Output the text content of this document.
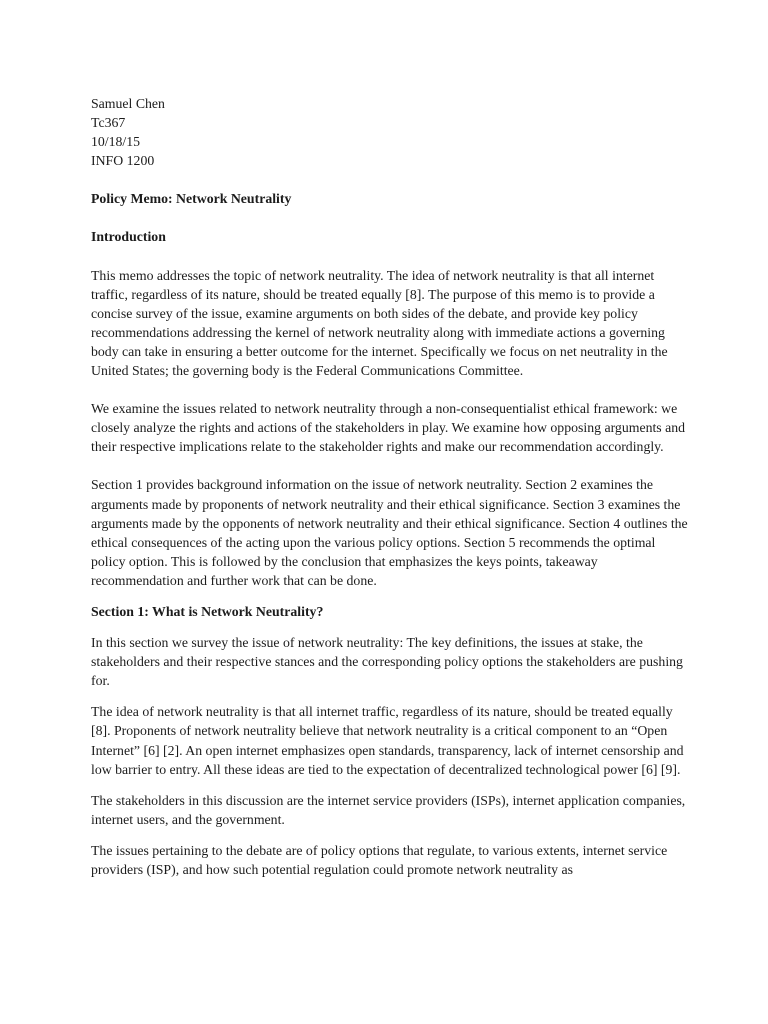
Samuel Chen

Tc367

10/18/15

INFO 1200

Policy Memo: Network Neutrality

Introduction

This memo addresses the topic of network neutrality. The idea of network neutrality is that all internet traffic, regardless of its nature, should be treated equally [8]. The purpose of this memo is to provide a concise survey of the issue, examine arguments on both sides of the debate, and provide key policy recommendations addressing the kernel of network neutrality along with immediate actions a governing body can take in ensuring a better outcome for the internet. Specifically we focus on net neutrality in the United States; the governing body is the Federal Communications Committee.

We examine the issues related to network neutrality through a non-consequentialist ethical framework: we closely analyze the rights and actions of the stakeholders in play. We examine how opposing arguments and their respective implications relate to the stakeholder rights and make our recommendation accordingly.

Section 1 provides background information on the issue of network neutrality. Section 2 examines the arguments made by proponents of network neutrality and their ethical significance. Section 3 examines the arguments made by the opponents of network neutrality and their ethical significance. Section 4 outlines the ethical consequences of the acting upon the various policy options. Section 5 recommends the optimal policy option. This is followed by the conclusion that emphasizes the keys points, takeaway recommendation and further work that can be done.

Section 1: What is Network Neutrality?

In this section we survey the issue of network neutrality: The key definitions, the issues at stake, the stakeholders and their respective stances and the corresponding policy options the stakeholders are pushing for.

The idea of network neutrality is that all internet traffic, regardless of its nature, should be treated equally [8]. Proponents of network neutrality believe that network neutrality is a critical component to an “Open Internet” [6] [2]. An open internet emphasizes open standards, transparency, lack of internet censorship and low barrier to entry. All these ideas are tied to the expectation of decentralized technological power [6] [9].

The stakeholders in this discussion are the internet service providers (ISPs), internet application companies, internet users, and the government.

The issues pertaining to the debate are of policy options that regulate, to various extents, internet service providers (ISP), and how such potential regulation could promote network neutrality as
